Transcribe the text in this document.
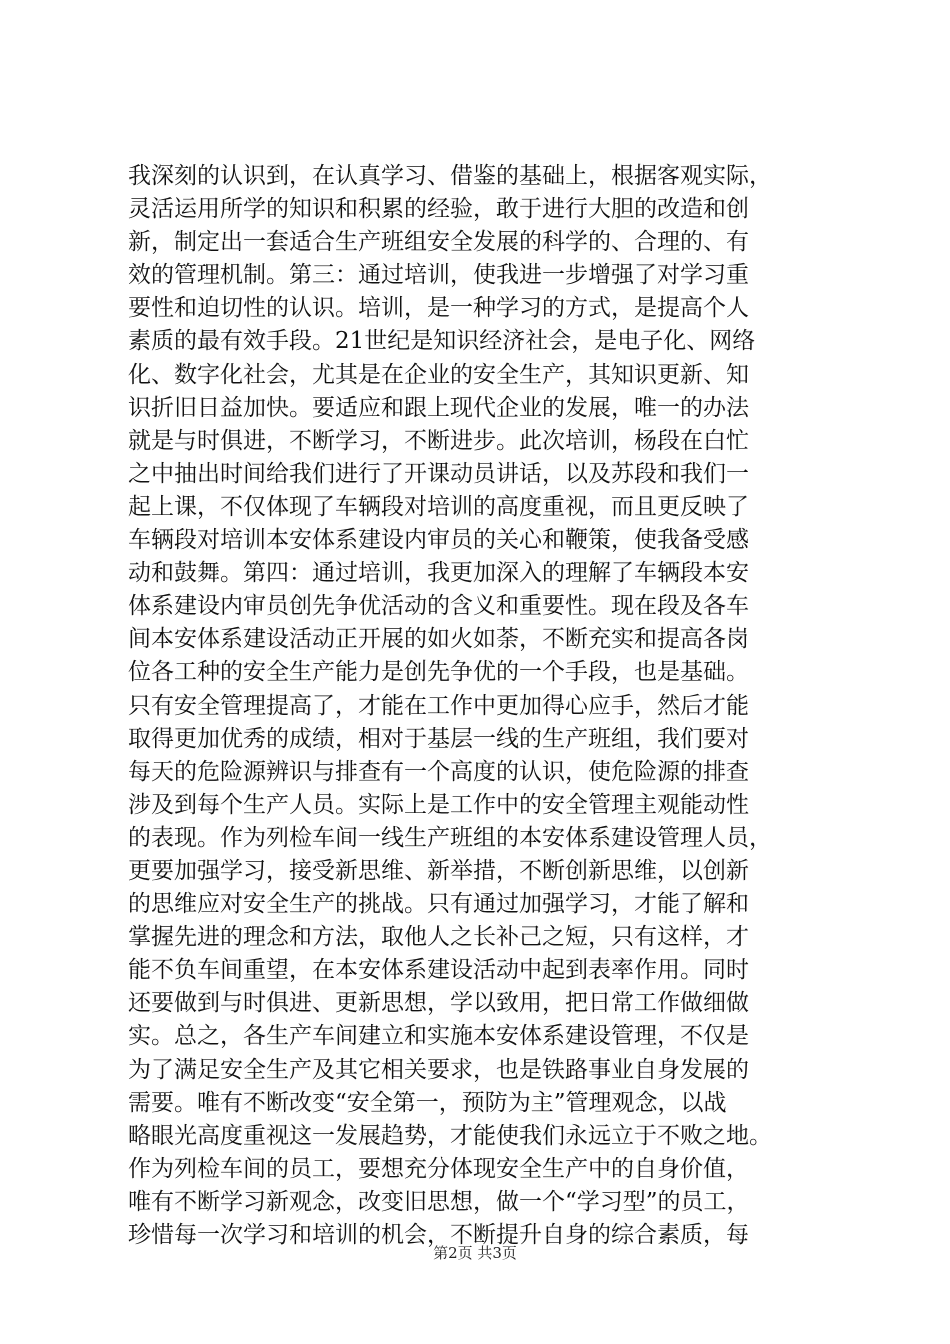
我深刻的认识到，在认真学习、借鉴的基础上，根据客观实际，
灵活运用所学的知识和积累的经验，敢于进行大胆的改造和创
新，制定出一套适合生产班组安全发展的科学的、合理的、有
效的管理机制。第三：通过培训，使我进一步增强了对学习重
要性和迫切性的认识。培训，是一种学习的方式，是提高个人
素质的最有效手段。21世纪是知识经济社会，是电子化、网络
化、数字化社会，尤其是在企业的安全生产，其知识更新、知
识折旧日益加快。要适应和跟上现代企业的发展，唯一的办法
就是与时俱进，不断学习，不断进步。此次培训，杨段在白忙
之中抽出时间给我们进行了开课动员讲话，以及苏段和我们一
起上课，不仅体现了车辆段对培训的高度重视，而且更反映了
车辆段对培训本安体系建设内审员的关心和鞭策，使我备受感
动和鼓舞。第四：通过培训，我更加深入的理解了车辆段本安
体系建设内审员创先争优活动的含义和重要性。现在段及各车
间本安体系建设活动正开展的如火如荼，不断充实和提高各岗
位各工种的安全生产能力是创先争优的一个手段，也是基础。
只有安全管理提高了，才能在工作中更加得心应手，然后才能
取得更加优秀的成绩，相对于基层一线的生产班组，我们要对
每天的危险源辨识与排查有一个高度的认识，使危险源的排查
涉及到每个生产人员。实际上是工作中的安全管理主观能动性
的表现。作为列检车间一线生产班组的本安体系建设管理人员，
更要加强学习，接受新思维、新举措，不断创新思维，以创新
的思维应对安全生产的挑战。只有通过加强学习，才能了解和
掌握先进的理念和方法，取他人之长补己之短，只有这样，才
能不负车间重望，在本安体系建设活动中起到表率作用。同时
还要做到与时俱进、更新思想，学以致用，把日常工作做细做
实。总之，各生产车间建立和实施本安体系建设管理，不仅是
为了满足安全生产及其它相关要求，也是铁路事业自身发展的
需要。唯有不断改变“安全第一，预防为主”管理观念，以战
略眼光高度重视这一发展趋势，才能使我们永远立于不败之地。
作为列检车间的员工，要想充分体现安全生产中的自身价值，
唯有不断学习新观念，改变旧思想，做一个“学习型”的员工，
珍惜每一次学习和培训的机会，不断提升自身的综合素质，每
第2页 共3页
